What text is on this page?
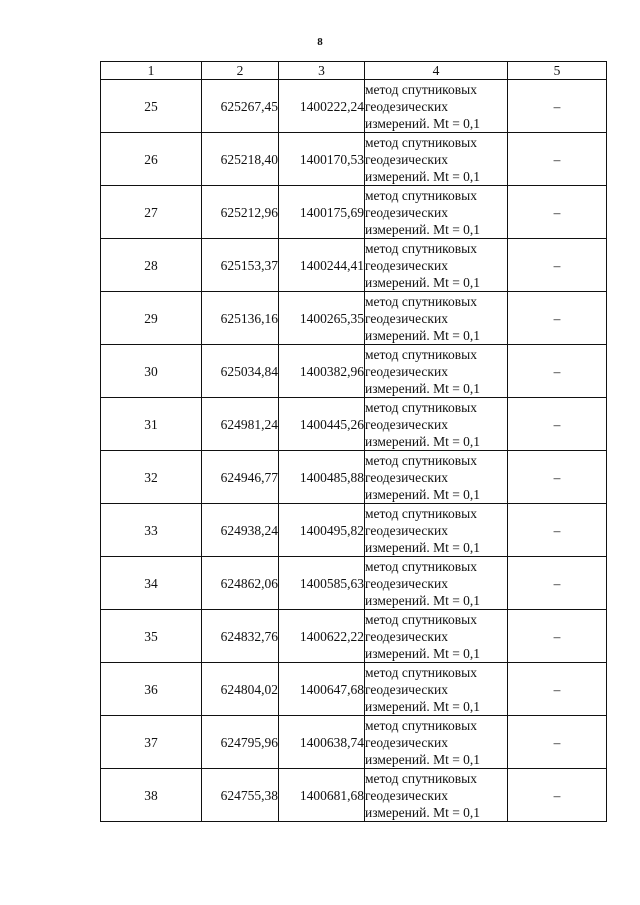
8
1	2	3	4	5
25	625267,45	1400222,24	метод спутниковых
геодезических
измерений. Mt = 0,1	–
26	625218,40	1400170,53	метод спутниковых
геодезических
измерений. Mt = 0,1	–
27	625212,96	1400175,69	метод спутниковых
геодезических
измерений. Mt = 0,1	–
28	625153,37	1400244,41	метод спутниковых
геодезических
измерений. Mt = 0,1	–
29	625136,16	1400265,35	метод спутниковых
геодезических
измерений. Mt = 0,1	–
30	625034,84	1400382,96	метод спутниковых
геодезических
измерений. Mt = 0,1	–
31	624981,24	1400445,26	метод спутниковых
геодезических
измерений. Mt = 0,1	–
32	624946,77	1400485,88	метод спутниковых
геодезических
измерений. Mt = 0,1	–
33	624938,24	1400495,82	метод спутниковых
геодезических
измерений. Mt = 0,1	–
34	624862,06	1400585,63	метод спутниковых
геодезических
измерений. Mt = 0,1	–
35	624832,76	1400622,22	метод спутниковых
геодезических
измерений. Mt = 0,1	–
36	624804,02	1400647,68	метод спутниковых
геодезических
измерений. Mt = 0,1	–
37	624795,96	1400638,74	метод спутниковых
геодезических
измерений. Mt = 0,1	–
38	624755,38	1400681,68	метод спутниковых
геодезических
измерений. Mt = 0,1	–
